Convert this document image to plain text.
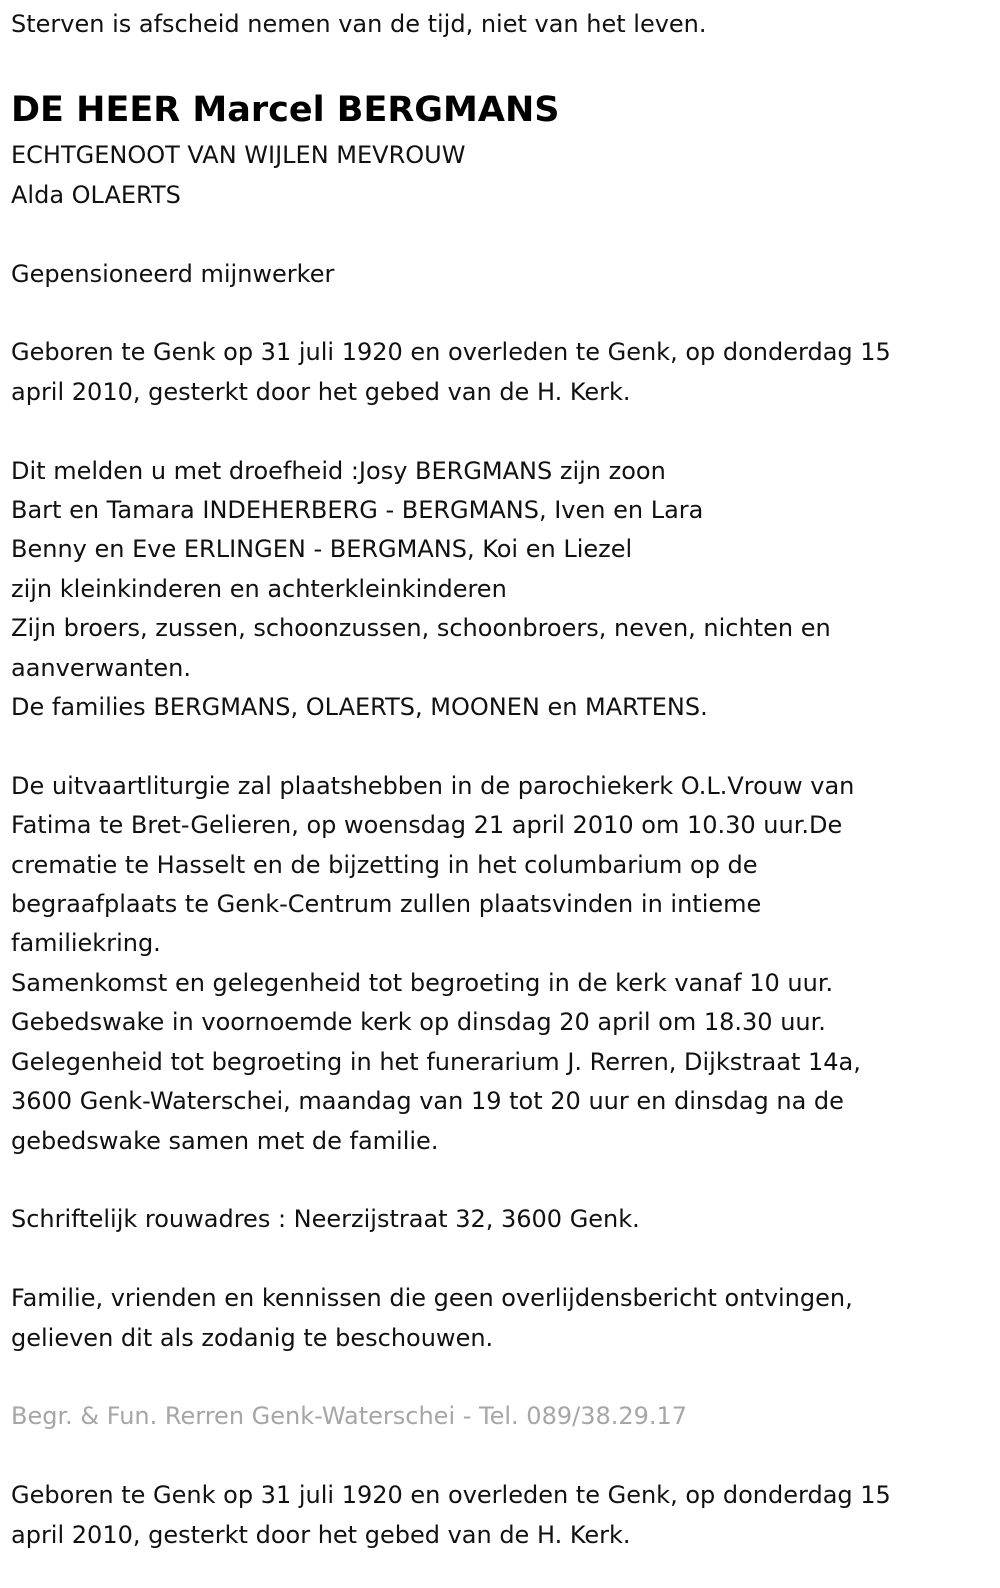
Sterven is afscheid nemen van de tijd, niet van het leven.
DE HEER Marcel BERGMANS
ECHTGENOOT VAN WIJLEN MEVROUW
Alda OLAERTS
Gepensioneerd mijnwerker
Geboren te Genk op 31 juli 1920 en overleden te Genk, op donderdag 15
april 2010, gesterkt door het gebed van de H. Kerk.
Dit melden u met droefheid :Josy BERGMANS zijn zoon
Bart en Tamara INDEHERBERG - BERGMANS, Iven en Lara
Benny en Eve ERLINGEN - BERGMANS, Koi en Liezel
zijn kleinkinderen en achterkleinkinderen
Zijn broers, zussen, schoonzussen, schoonbroers, neven, nichten en
aanverwanten.
De families BERGMANS, OLAERTS, MOONEN en MARTENS.
De uitvaartliturgie zal plaatshebben in de parochiekerk O.L.Vrouw van
Fatima te Bret-Gelieren, op woensdag 21 april 2010 om 10.30 uur.De
crematie te Hasselt en de bijzetting in het columbarium op de
begraafplaats te Genk-Centrum zullen plaatsvinden in intieme
familiekring.
Samenkomst en gelegenheid tot begroeting in de kerk vanaf 10 uur.
Gebedswake in voornoemde kerk op dinsdag 20 april om 18.30 uur.
Gelegenheid tot begroeting in het funerarium J. Rerren, Dijkstraat 14a,
3600 Genk-Waterschei, maandag van 19 tot 20 uur en dinsdag na de
gebedswake samen met de familie.
Schriftelijk rouwadres : Neerzijstraat 32, 3600 Genk.
Familie, vrienden en kennissen die geen overlijdensbericht ontvingen,
gelieven dit als zodanig te beschouwen.
Begr. & Fun. Rerren Genk-Waterschei - Tel. 089/38.29.17
Geboren te Genk op 31 juli 1920 en overleden te Genk, op donderdag 15
april 2010, gesterkt door het gebed van de H. Kerk.
